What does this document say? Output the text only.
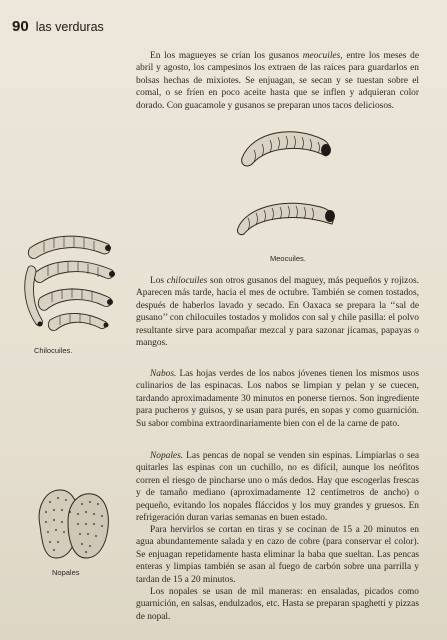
90 las verduras

En los magueyes se crían los gusanos meocuiles, entre los meses de abril y agosto, los campesinos los extraen de las raíces para guardarlos en bolsas hechas de mixiotes. Se enjuagan, se secan y se tuestan sobre el comal, o se fríen en poco aceite hasta que se inflen y adquieran color dorado. Con guacamole y gusanos se preparan unos tacos deliciosos.

Meocuiles.
Chilocuiles.

Los chilocuiles son otros gusanos del maguey, más pequeños y rojizos. Aparecen más tarde, hacia el mes de octubre. También se comen tostados, después de haberlos lavado y secado. En Oaxaca se prepara la ‘‘sal de gusano’’ con chilocuiles tostados y molidos con sal y chile pasilla: el polvo resultante sirve para acompañar mezcal y para sazonar jícamas, papayas o mangos.

Nabos. Las hojas verdes de los nabos jóvenes tienen los mismos usos culinarios de las espinacas. Los nabos se limpian y pelan y se cuecen, tardando aproximadamente 30 minutos en ponerse tiernos. Son ingrediente para pucheros y guisos, y se usan para purés, en sopas y como guarnición. Su sabor combina extraordinariamente bien con el de la carne de pato.

Nopales. Las pencas de nopal se venden sin espinas. Limpiarlas o sea quitarles las espinas con un cuchillo, no es difícil, aunque los neófitos corren el riesgo de pincharse uno o más dedos. Hay que escogerlas frescas y de tamaño mediano (aproximadamente 12 centímetros de ancho) o pequeño, evitando los nopales fláccidos y los muy grandes y gruesos. En refrigeración duran varias semanas en buen estado.

Para hervirlos se cortan en tiras y se cocinan de 15 a 20 minutos en agua abundantemente salada y en cazo de cobre (para conservar el color). Se enjuagan repetidamente hasta eliminar la baba que sueltan. Las pencas enteras y limpias también se asan al fuego de carbón sobre una parrilla y tardan de 15 a 20 minutos.

Los nopales se usan de mil maneras: en ensaladas, picados como guarnición, en salsas, endulzados, etc. Hasta se preparan spaghetti y pizzas de nopal.

Nopales
